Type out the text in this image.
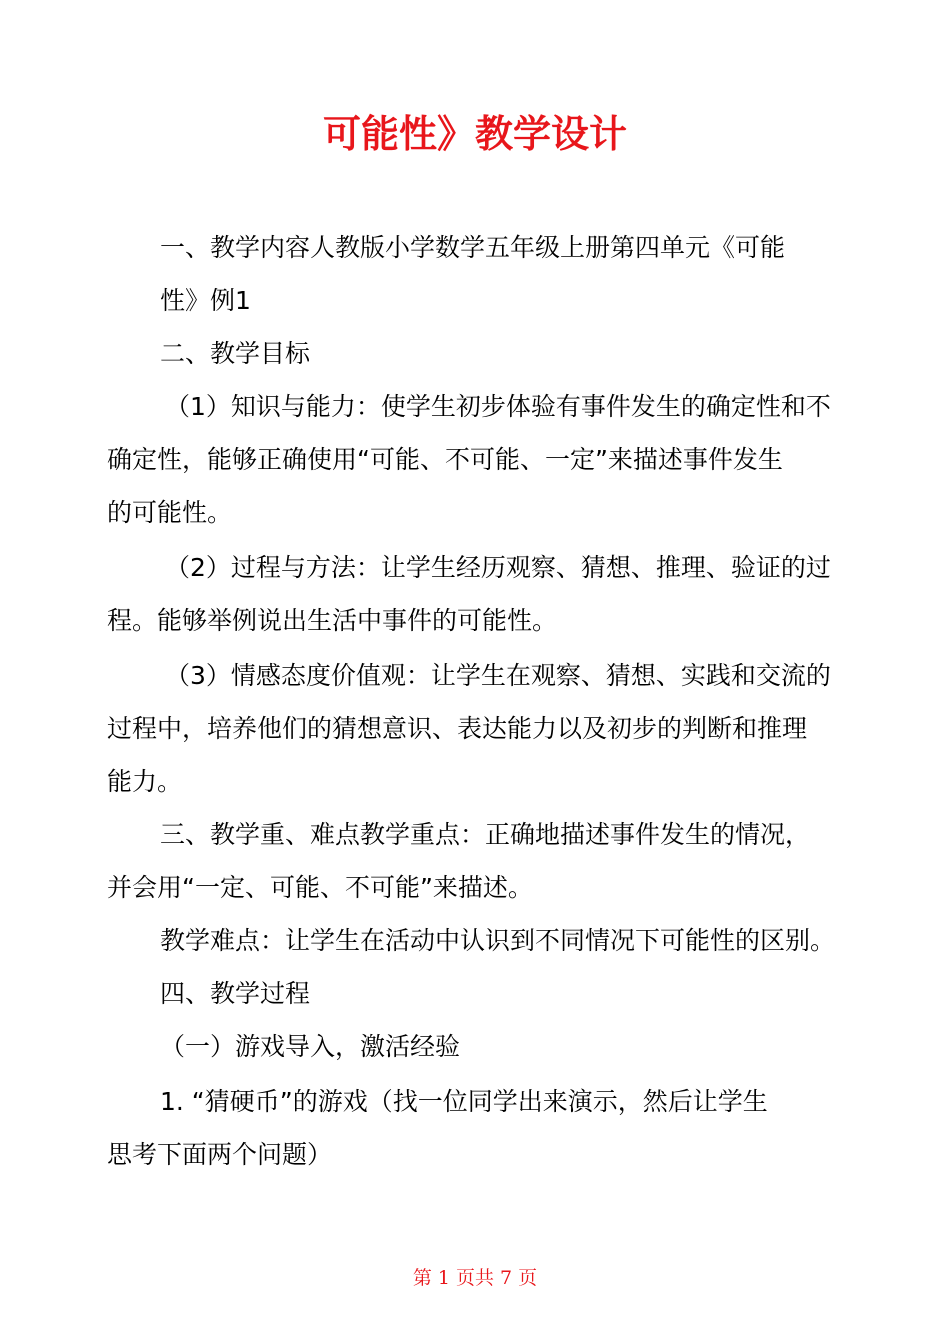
可能性》教学设计

一、教学内容人教版小学数学五年级上册第四单元《可能

性》例1

二、教学目标

（1）知识与能力：使学生初步体验有事件发生的确定性和不

确定性，能够正确使用“可能、不可能、一定”来描述事件发生

的可能性。

（2）过程与方法：让学生经历观察、猜想、推理、验证的过

程。能够举例说出生活中事件的可能性。

（3）情感态度价值观：让学生在观察、猜想、实践和交流的

过程中，培养他们的猜想意识、表达能力以及初步的判断和推理

能力。

三、教学重、难点教学重点：正确地描述事件发生的情况，

并会用“一定、可能、不可能”来描述。

教学难点：让学生在活动中认识到不同情况下可能性的区别。

四、教学过程

（一）游戏导入，激活经验

1. “猜硬币”的游戏（找一位同学出来演示，然后让学生

思考下面两个问题）

第 1 页共 7 页
